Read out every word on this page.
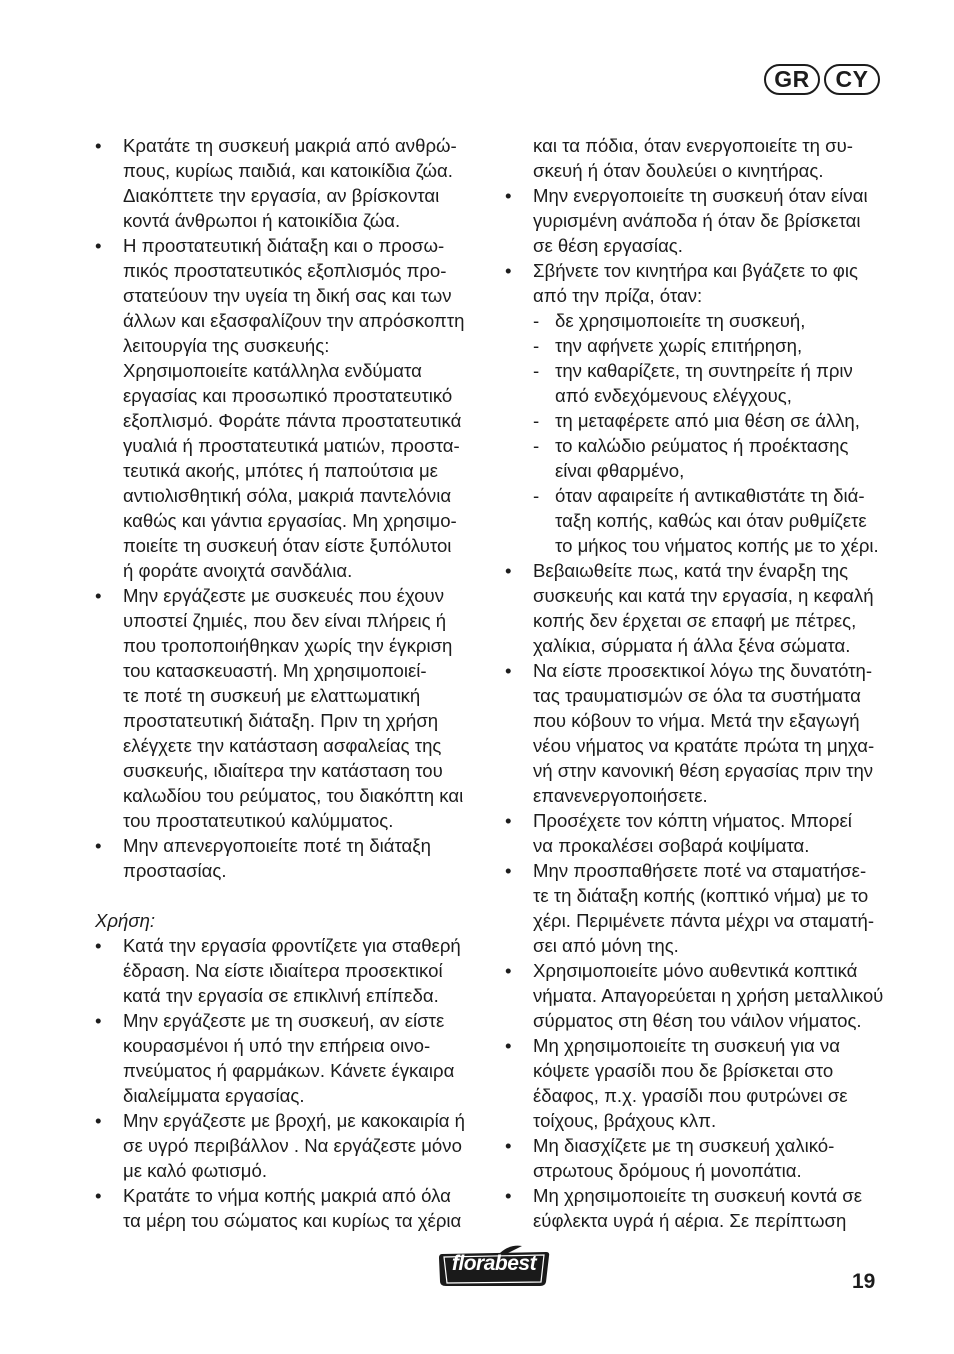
GR	CY
• Κρατάτε τη συσκευή μακριά από ανθρώ-
πους, κυρίως παιδιά, και κατοικίδια ζώα.
Διακόπτετε την εργασία, αν βρίσκονται
κοντά άνθρωποι ή κατοικίδια ζώα.
• Η προστατευτική διάταξη και ο προσω-
πικός προστατευτικός εξοπλισμός προ-
στατεύουν την υγεία τη δική σας και των
άλλων και εξασφαλίζουν την απρόσκοπτη
λειτουργία της συσκευής:
Χρησιμοποιείτε κατάλληλα ενδύματα
εργασίας και προσωπικό προστατευτικό
εξοπλισμό. Φοράτε πάντα προστατευτικά
γυαλιά ή προστατευτικά ματιών, προστα-
τευτικά ακοής, μπότες ή παπούτσια με
αντιολισθητική σόλα, μακριά παντελόνια
καθώς και γάντια εργασίας. Μη χρησιμο-
ποιείτε τη συσκευή όταν είστε ξυπόλυτοι
ή φοράτε ανοιχτά σανδάλια.
• Μην εργάζεστε με συσκευές που έχουν
υποστεί ζημιές, που δεν είναι πλήρεις ή
που τροποποιήθηκαν χωρίς την έγκριση
του κατασκευαστή. Μη χρησιμοποιεί-
τε ποτέ τη συσκευή με ελαττωματική
προστατευτική διάταξη. Πριν τη χρήση
ελέγχετε την κατάσταση ασφαλείας της
συσκευής, ιδιαίτερα την κατάσταση του
καλωδίου του ρεύματος, του διακόπτη και
του προστατευτικού καλύμματος.
• Μην απενεργοποιείτε ποτέ τη διάταξη
προστασίας.
Χρήση:
• Κατά την εργασία φροντίζετε για σταθερή
έδραση. Να είστε ιδιαίτερα προσεκτικοί
κατά την εργασία σε επικλινή επίπεδα.
• Μην εργάζεστε με τη συσκευή, αν είστε
κουρασμένοι ή υπό την επήρεια οινο-
πνεύματος ή φαρμάκων. Κάνετε έγκαιρα
διαλείμματα εργασίας.
• Μην εργάζεστε με βροχή, με κακοκαιρία ή
σε υγρό περιβάλλον . Να εργάζεστε μόνο
με καλό φωτισμό.
• Κρατάτε το νήμα κοπής μακριά από όλα
τα μέρη του σώματος και κυρίως τα χέρια
και τα πόδια, όταν ενεργοποιείτε τη συ-
σκευή ή όταν δουλεύει ο κινητήρας.
• Μην ενεργοποιείτε τη συσκευή όταν είναι
γυρισμένη ανάποδα ή όταν δε βρίσκεται
σε θέση εργασίας.
• Σβήνετε τον κινητήρα και βγάζετε το φις
από την πρίζα, όταν:
- δε χρησιμοποιείτε τη συσκευή,
- την αφήνετε χωρίς επιτήρηση,
- την καθαρίζετε, τη συντηρείτε ή πριν
από ενδεχόμενους ελέγχους,
- τη μεταφέρετε από μια θέση σε άλλη,
- το καλώδιο ρεύματος ή προέκτασης
είναι φθαρμένο,
- όταν αφαιρείτε ή αντικαθιστάτε τη διά-
ταξη κοπής, καθώς και όταν ρυθμίζετε
το μήκος του νήματος κοπής με το χέρι.
• Βεβαιωθείτε πως, κατά την έναρξη της
συσκευής και κατά την εργασία, η κεφαλή
κοπής δεν έρχεται σε επαφή με πέτρες,
χαλίκια, σύρματα ή άλλα ξένα σώματα.
• Να είστε προσεκτικοί λόγω της δυνατότη-
τας τραυματισμών σε όλα τα συστήματα
που κόβουν το νήμα. Μετά την εξαγωγή
νέου νήματος να κρατάτε πρώτα τη μηχα-
νή στην κανονική θέση εργασίας πριν την
επανενεργοποιήσετε.
• Προσέχετε τον κόπτη νήματος. Μπορεί
να προκαλέσει σοβαρά κοψίματα.
• Μην προσπαθήσετε ποτέ να σταματήσε-
τε τη διάταξη κοπής (κοπτικό νήμα) με το
χέρι. Περιμένετε πάντα μέχρι να σταματή-
σει από μόνη της.
• Χρησιμοποιείτε μόνο αυθεντικά κοπτικά
νήματα. Απαγορεύεται η χρήση μεταλλικού
σύρματος στη θέση του νάιλον νήματος.
• Μη χρησιμοποιείτε τη συσκευή για να
κόψετε γρασίδι που δε βρίσκεται στο
έδαφος, π.χ. γρασίδι που φυτρώνει σε
τοίχους, βράχους κλπ.
• Μη διασχίζετε με τη συσκευή χαλικό-
στρωτους δρόμους ή μονοπάτια.
• Μη χρησιμοποιείτε τη συσκευή κοντά σε
εύφλεκτα υγρά ή αέρια. Σε περίπτωση
florabest
19
